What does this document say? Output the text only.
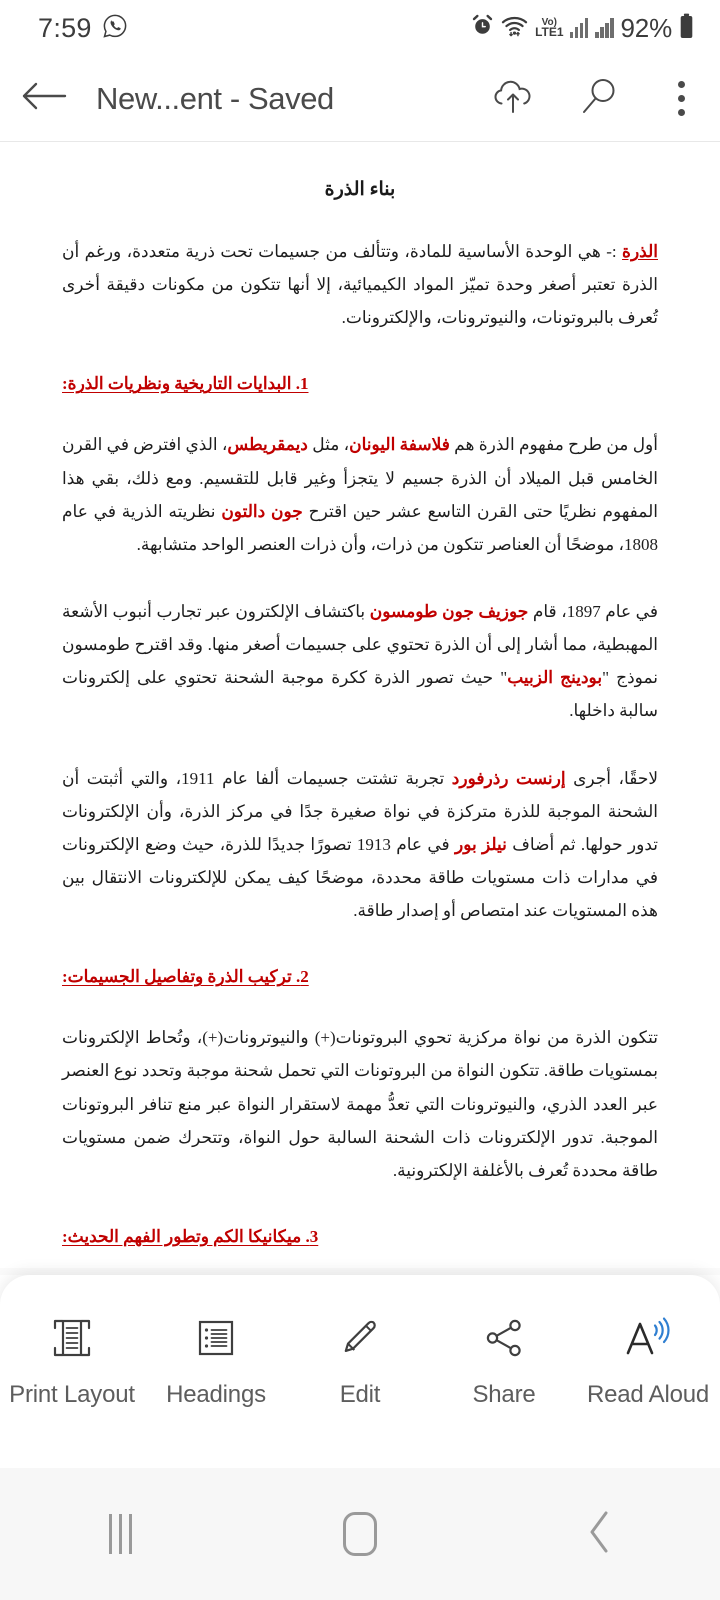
7:59	Vo)
LTE1 92%
New...ent - Saved
بناء الذرة

الذرة :- هي الوحدة الأساسية للمادة، وتتألف من جسيمات تحت ذرية متعددة، ورغم أن الذرة تعتبر أصغر وحدة تميّز المواد الكيميائية، إلا أنها تتكون من مكونات دقيقة أخرى تُعرف بالبروتونات، والنيوترونات، والإلكترونات.

1. البدايات التاريخية ونظريات الذرة:

أول من طرح مفهوم الذرة هم فلاسفة اليونان، مثل ديمقريطس، الذي افترض في القرن الخامس قبل الميلاد أن الذرة جسيم لا يتجزأ وغير قابل للتقسيم. ومع ذلك، بقي هذا المفهوم نظريًا حتى القرن التاسع عشر حين اقترح جون دالتون نظريته الذرية في عام 1808، موضحًا أن العناصر تتكون من ذرات، وأن ذرات العنصر الواحد متشابهة.

في عام 1897، قام جوزيف جون طومسون باكتشاف الإلكترون عبر تجارب أنبوب الأشعة المهبطية، مما أشار إلى أن الذرة تحتوي على جسيمات أصغر منها. وقد اقترح طومسون نموذج "بودينج الزبيب" حيث تصور الذرة ككرة موجبة الشحنة تحتوي على إلكترونات سالبة داخلها.

لاحقًا، أجرى إرنست رذرفورد تجربة تشتت جسيمات ألفا عام 1911، والتي أثبتت أن الشحنة الموجبة للذرة متركزة في نواة صغيرة جدًا في مركز الذرة، وأن الإلكترونات تدور حولها. ثم أضاف نيلز بور في عام 1913 تصورًا جديدًا للذرة، حيث وضع الإلكترونات في مدارات ذات مستويات طاقة محددة، موضحًا كيف يمكن للإلكترونات الانتقال بين هذه المستويات عند امتصاص أو إصدار طاقة.

2. تركيب الذرة وتفاصيل الجسيمات:

تتكون الذرة من نواة مركزية تحوي البروتونات(+) والنيوترونات(+)، وتُحاط الإلكترونات بمستويات طاقة. تتكون النواة من البروتونات التي تحمل شحنة موجبة وتحدد نوع العنصر عبر العدد الذري، والنيوترونات التي تعدُّ مهمة لاستقرار النواة عبر منع تنافر البروتونات الموجبة. تدور الإلكترونات ذات الشحنة السالبة حول النواة، وتتحرك ضمن مستويات طاقة محددة تُعرف بالأغلفة الإلكترونية.

3. ميكانيكا الكم وتطور الفهم الحديث:

Print Layout Headings	Edit	Share Read Aloud
